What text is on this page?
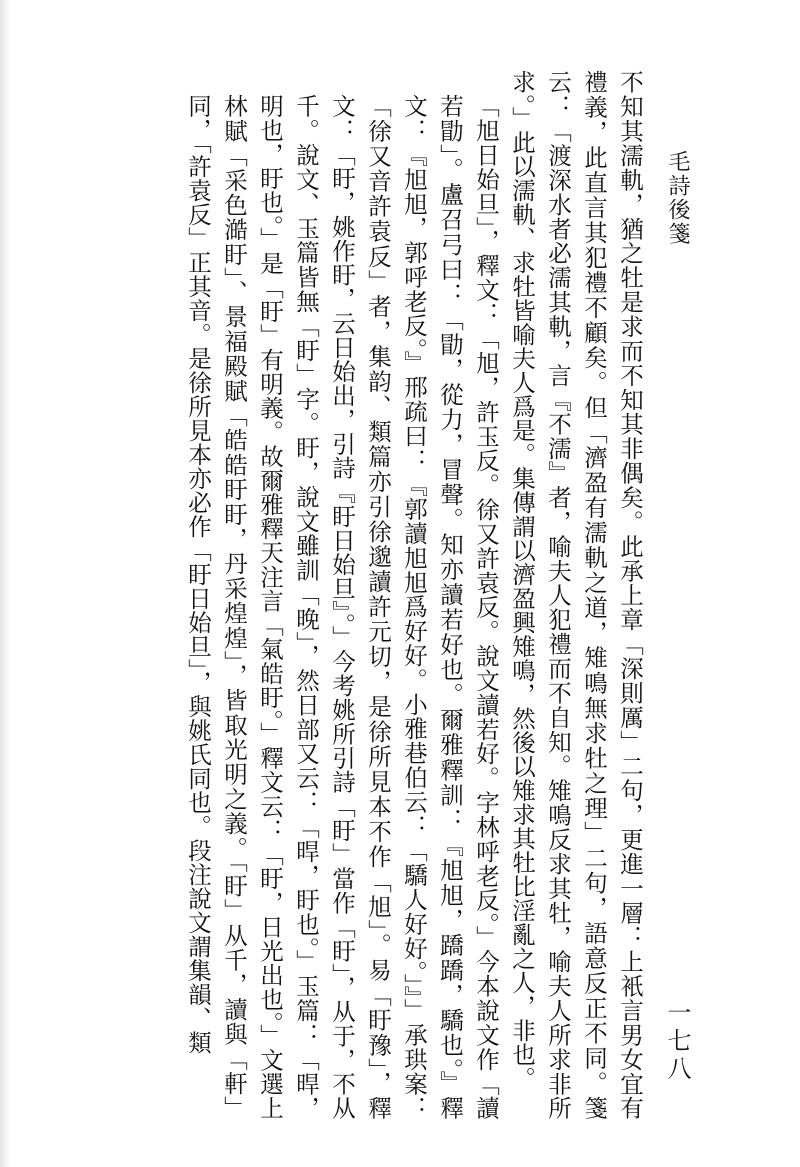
毛詩後箋

不知其濡軌，猶之牡是求而不知其非偶矣。此承上章「深則厲」二句，更進一層：上衹言男女宜有禮義，此直言其犯禮不顧矣。但「濟盈有濡軌之道，雉鳴無求牡之理」二句，語意反正不同。箋云：「渡深水者必濡其軌，言『不濡』者，喻夫人犯禮而不自知。雉鳴反求其牡，喻夫人所求非所求。」此以濡軌、求牡皆喻夫人爲是。集傳謂以濟盈興雉鳴，然後以雉求其牡比淫亂之人，非也。

「旭日始旦」，釋文：「旭，許玉反。徐又許袁反。說文讀若好。字林呼老反。」今本說文作「讀若勖」。盧召弓曰：「勖，從力，冒聲。知亦讀若好也。爾雅釋訓：『旭旭，蹻蹻，驕也。』釋文：『旭旭，郭呼老反。』邢疏曰：『郭讀旭旭爲好好。小雅巷伯云：「驕人好好。」』」承珙案：「徐又音許袁反」者，集韵、類篇亦引徐邈讀許元切，是徐所見本不作「旭」。易「盱豫」，釋文：「盱，姚作盱，云日始出，引詩『盱日始旦』。」今考姚所引詩「盱」當作「盱」，从于，不从千。說文、玉篇皆無「盱」字。盱，說文雖訓「晚」，然日部又云：「晘，盱也。」玉篇：「晘，明也，盱也。」是「盱」有明義。故爾雅釋天注言「氣皓盱。」釋文云：「盱，日光出也。」文選上林賦「采色澔盱」、景福殿賦「皓皓盱盱，丹采煌煌」，皆取光明之義。「盱」从千，讀與「軒」同，「許袁反」正其音。是徐所見本亦必作「盱日始旦」，與姚氏同也。段注說文謂集韻、類	一七八
